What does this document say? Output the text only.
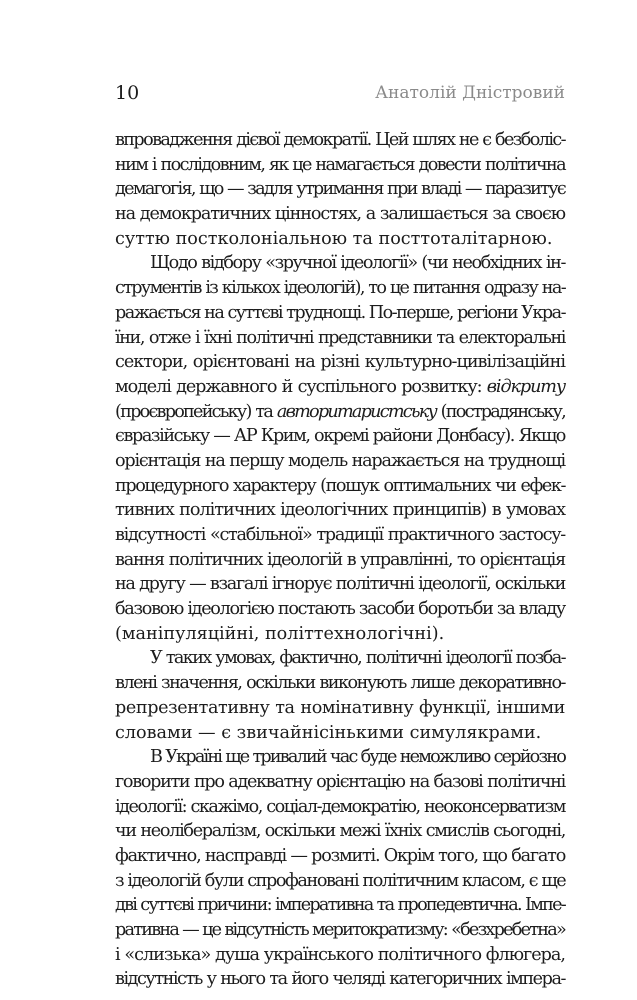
10	Анатолій Дністровий
впровадження дієвої демократії. Цей шлях не є безболіс-
ним і послідовним, як це намагається довести політична
демагогія, що — задля утримання при владі — паразитує
на демократичних цінностях, а залишається за своєю
суттю постколоніальною та посттоталітарною.
Щодо відбору «зручної ідеології» (чи необхідних ін-
струментів із кількох ідеологій), то це питання одразу на-
ражається на суттєві труднощі. По-перше, регіони Укра-
їни, отже і їхні політичні представники та електоральні
сектори, орієнтовані на різні культурно-цивілізаційні
моделі державного й суспільного розвитку: відкриту
(проєвропейську) та авторитаристську (пострадянську,
євразійську — АР Крим, окремі райони Донбасу). Якщо
орієнтація на першу модель наражається на труднощі
процедурного характеру (пошук оптимальних чи ефек-
тивних політичних ідеологічних принципів) в умовах
відсутності «стабільної» традиції практичного застосу-
вання політичних ідеологій в управлінні, то орієнтація
на другу — взагалі ігнорує політичні ідеології, оскільки
базовою ідеологією постають засоби боротьби за владу
(маніпуляційні, політтехнологічні).
У таких умовах, фактично, політичні ідеології позба-
влені значення, оскільки виконують лише декоративно-
репрезентативну та номінативну функції, іншими
словами — є звичайнісінькими симулякрами.
В Україні ще тривалий час буде неможливо серйозно
говорити про адекватну орієнтацію на базові політичні
ідеології: скажімо, соціал-демократію, неоконсерватизм
чи неолібералізм, оскільки межі їхніх смислів сьогодні,
фактично, насправді — розмиті. Окрім того, що багато
з ідеологій були спрофановані політичним класом, є ще
дві суттєві причини: імперативна та пропедевтична. Імпе-
ративна — це відсутність меритократизму: «безхребетна»
і «слизька» душа українського політичного флюгера,
відсутність у нього та його челяді категоричних імпера-
